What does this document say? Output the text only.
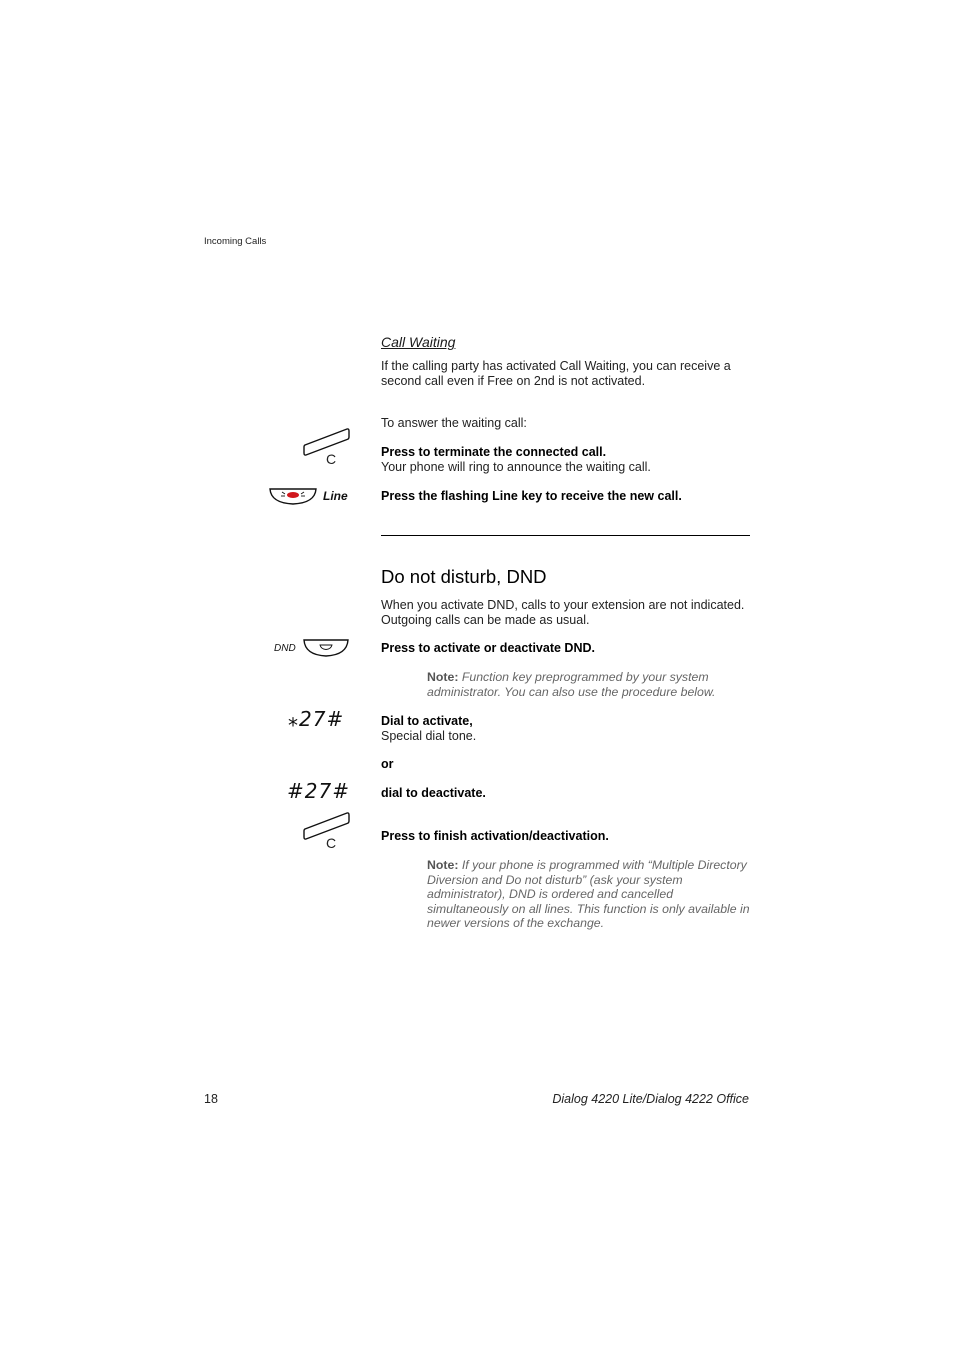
Incoming Calls
Call Waiting
If the calling party has activated Call Waiting, you can receive a
second call even if Free on 2nd is not activated.
To answer the waiting call:
C	Press to terminate the connected call.
Your phone will ring to announce the waiting call.
Line	Press the flashing Line key to receive the new call.
Do not disturb, DND
When you activate DND, calls to your extension are not indicated.
Outgoing calls can be made as usual.
DND	Press to activate or deactivate DND.
Note: Function key preprogrammed by your system
administrator. You can also use the procedure below.
⁎27#	Dial to activate,
Special dial tone.
or
#27# dial to deactivate.
C	Press to finish activation/deactivation.
Note: If your phone is programmed with “Multiple Directory
Diversion and Do not disturb” (ask your system
administrator), DND is ordered and cancelled
simultaneously on all lines. This function is only available in
newer versions of the exchange.
18	Dialog 4220 Lite/Dialog 4222 Office
